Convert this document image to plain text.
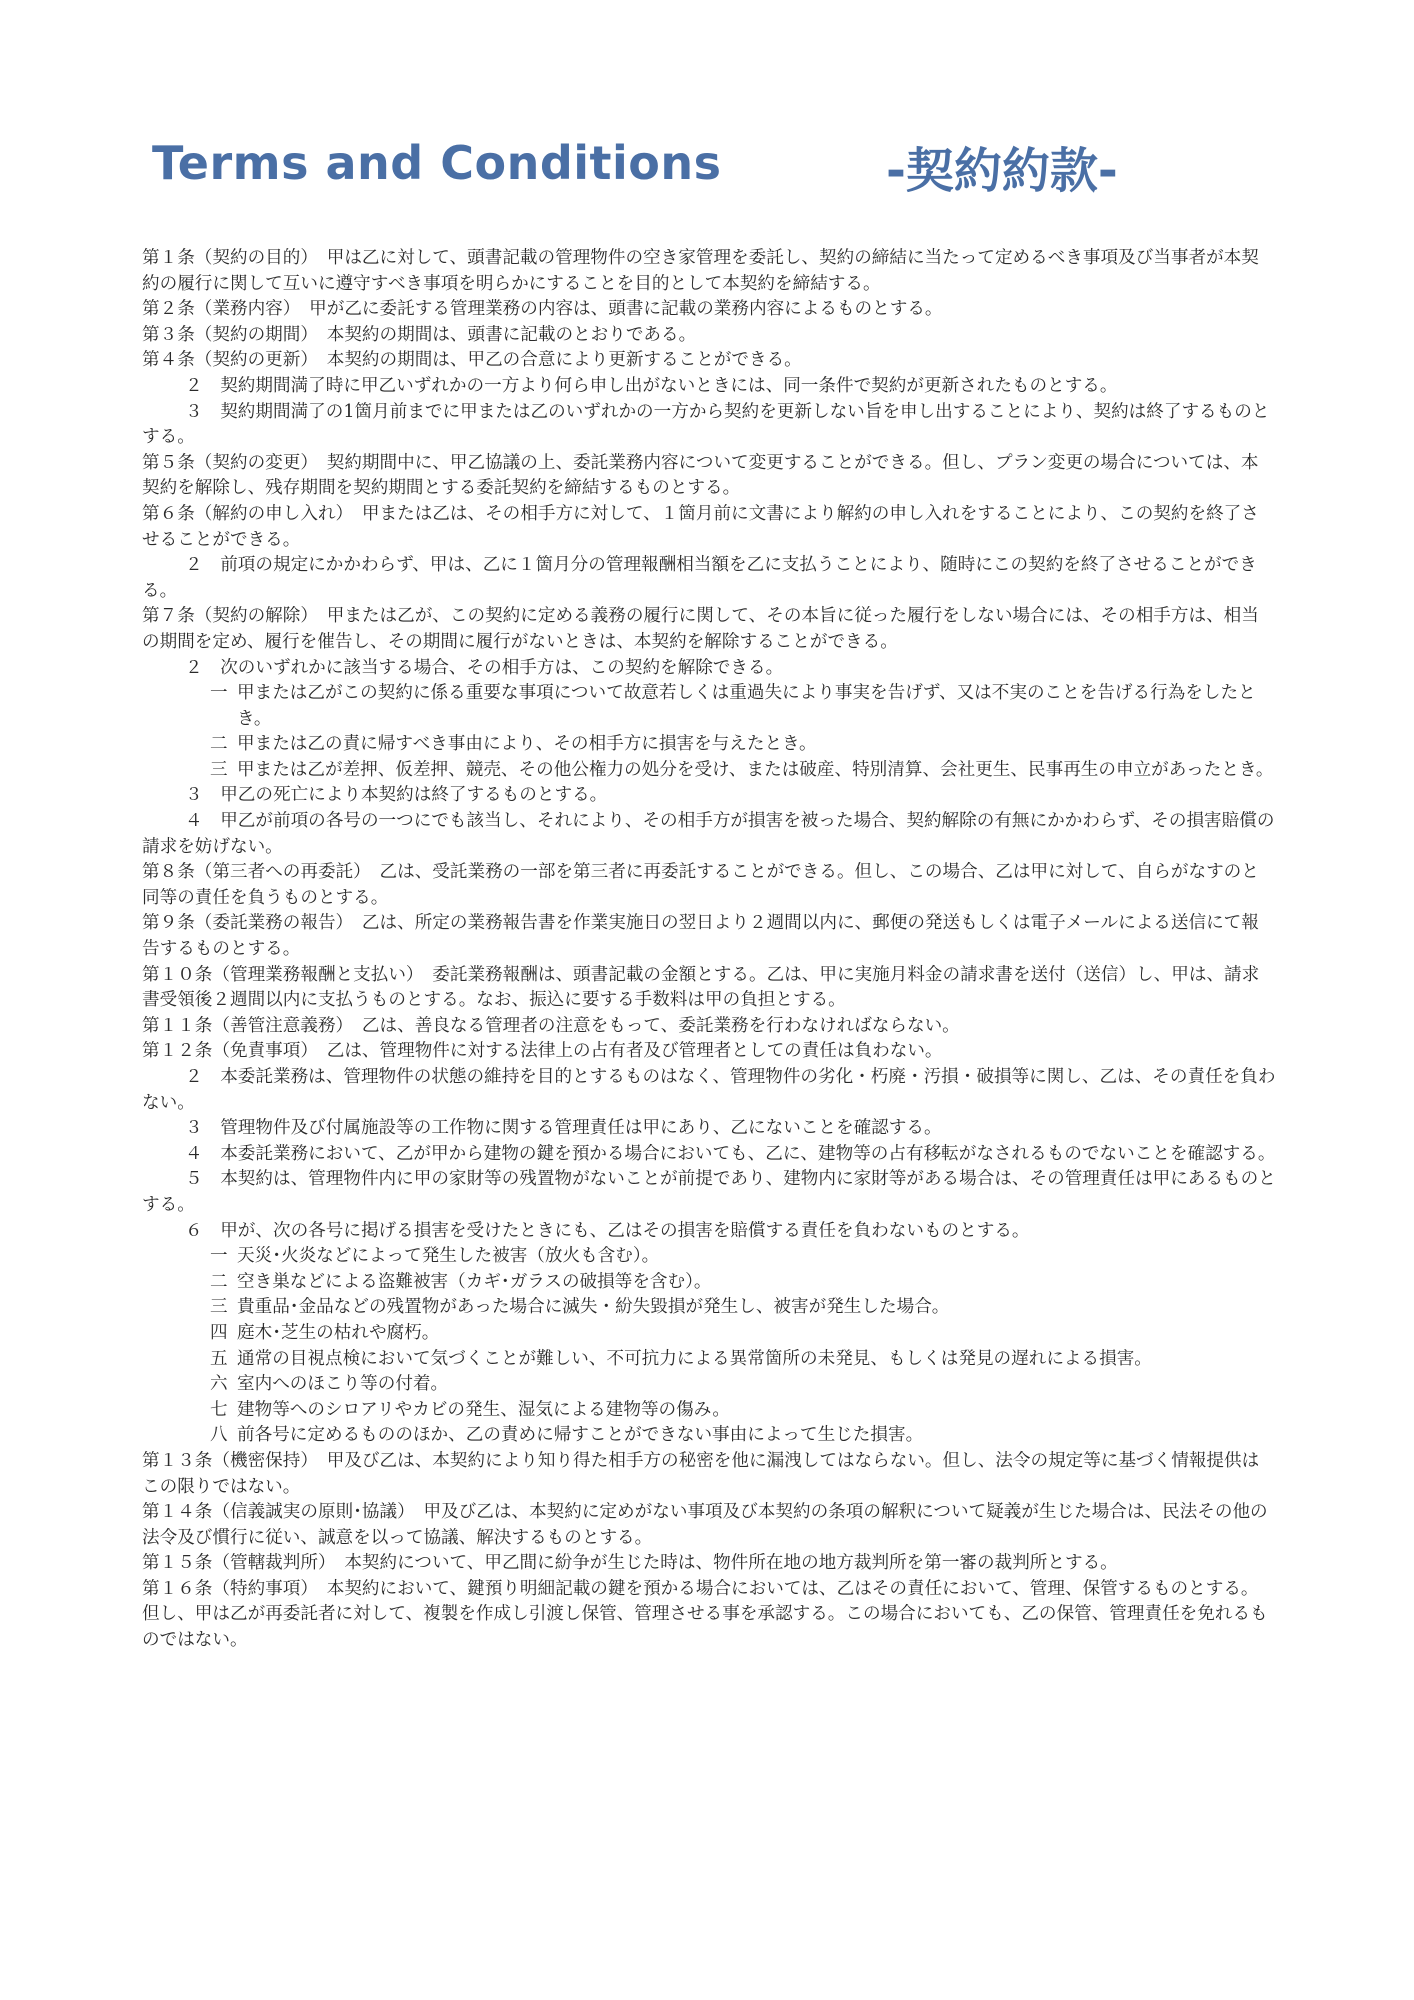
Terms and Conditions	-契約約款-

第１条（契約の目的）　甲は乙に対して、頭書記載の管理物件の空き家管理を委託し、契約の締結に当たって定めるべき事項及び当事者が本契約の履行に関して互いに遵守すべき事項を明らかにすることを目的として本契約を締結する。

第２条（業務内容）　甲が乙に委託する管理業務の内容は、頭書に記載の業務内容によるものとする。

第３条（契約の期間）　本契約の期間は、頭書に記載のとおりである。

第４条（契約の更新）　本契約の期間は、甲乙の合意により更新することができる。

２　契約期間満了時に甲乙いずれかの一方より何ら申し出がないときには、同一条件で契約が更新されたものとする。

３　契約期間満了の1箇月前までに甲または乙のいずれかの一方から契約を更新しない旨を申し出することにより、契約は終了するものとする。

第５条（契約の変更）　契約期間中に、甲乙協議の上、委託業務内容について変更することができる。但し、プラン変更の場合については、本契約を解除し、残存期間を契約期間とする委託契約を締結するものとする。

第６条（解約の申し入れ）　甲または乙は、その相手方に対して、１箇月前に文書により解約の申し入れをすることにより、この契約を終了させることができる。

２　前項の規定にかかわらず、甲は、乙に１箇月分の管理報酬相当額を乙に支払うことにより、随時にこの契約を終了させることができる。

第７条（契約の解除）　甲または乙が、この契約に定める義務の履行に関して、その本旨に従った履行をしない場合には、その相手方は、相当の期間を定め、履行を催告し、その期間に履行がないときは、本契約を解除することができる。

２　次のいずれかに該当する場合、その相手方は、この契約を解除できる。

一 甲または乙がこの契約に係る重要な事項について故意若しくは重過失により事実を告げず、又は不実のことを告げる行為をしたとき。

二 甲または乙の責に帰すべき事由により、その相手方に損害を与えたとき。

三 甲または乙が差押、仮差押、競売、その他公権力の処分を受け、または破産、特別清算、会社更生、民事再生の申立があったとき。

３　甲乙の死亡により本契約は終了するものとする。

４　甲乙が前項の各号の一つにでも該当し、それにより、その相手方が損害を被った場合、契約解除の有無にかかわらず、その損害賠償の請求を妨げない。

第８条（第三者への再委託）　乙は、受託業務の一部を第三者に再委託することができる。但し、この場合、乙は甲に対して、自らがなすのと同等の責任を負うものとする。

第９条（委託業務の報告）　乙は、所定の業務報告書を作業実施日の翌日より２週間以内に、郵便の発送もしくは電子メールによる送信にて報告するものとする。

第１０条（管理業務報酬と支払い）　委託業務報酬は、頭書記載の金額とする。乙は、甲に実施月料金の請求書を送付（送信）し、甲は、請求書受領後２週間以内に支払うものとする。なお、振込に要する手数料は甲の負担とする。

第１１条（善管注意義務）　乙は、善良なる管理者の注意をもって、委託業務を行わなければならない。

第１２条（免責事項）　乙は、管理物件に対する法律上の占有者及び管理者としての責任は負わない。

２　本委託業務は、管理物件の状態の維持を目的とするものはなく、管理物件の劣化・朽廃・汚損・破損等に関し、乙は、その責任を負わない。

３　管理物件及び付属施設等の工作物に関する管理責任は甲にあり、乙にないことを確認する。

４　本委託業務において、乙が甲から建物の鍵を預かる場合においても、乙に、建物等の占有移転がなされるものでないことを確認する。

５　本契約は、管理物件内に甲の家財等の残置物がないことが前提であり、建物内に家財等がある場合は、その管理責任は甲にあるものとする。

６　甲が、次の各号に掲げる損害を受けたときにも、乙はその損害を賠償する責任を負わないものとする。

一 天災･火炎などによって発生した被害（放火も含む）。

二 空き巣などによる盗難被害（カギ･ガラスの破損等を含む）。

三 貴重品･金品などの残置物があった場合に滅失・紛失毀損が発生し、被害が発生した場合。

四 庭木･芝生の枯れや腐朽。

五 通常の目視点検において気づくことが難しい、不可抗力による異常箇所の未発見、もしくは発見の遅れによる損害。

六 室内へのほこり等の付着。

七 建物等へのシロアリやカビの発生、湿気による建物等の傷み。

八 前各号に定めるもののほか、乙の責めに帰すことができない事由によって生じた損害。

第１３条（機密保持）　甲及び乙は、本契約により知り得た相手方の秘密を他に漏洩してはならない。但し、法令の規定等に基づく情報提供はこの限りではない。

第１４条（信義誠実の原則･協議）　甲及び乙は、本契約に定めがない事項及び本契約の条項の解釈について疑義が生じた場合は、民法その他の法令及び慣行に従い、誠意を以って協議、解決するものとする。

第１５条（管轄裁判所）　本契約について、甲乙間に紛争が生じた時は、物件所在地の地方裁判所を第一審の裁判所とする。

第１６条（特約事項）　本契約において、鍵預り明細記載の鍵を預かる場合においては、乙はその責任において、管理、保管するものとする。但し、甲は乙が再委託者に対して、複製を作成し引渡し保管、管理させる事を承認する。この場合においても、乙の保管、管理責任を免れるものではない。
